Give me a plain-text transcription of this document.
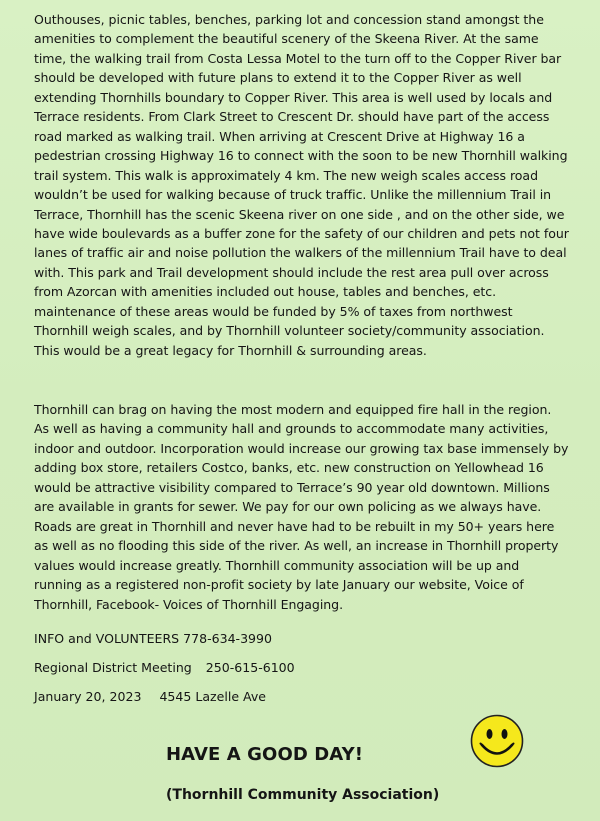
Outhouses, picnic tables, benches, parking lot and concession stand amongst the amenities to complement the beautiful scenery of the Skeena River. At the same time, the walking trail from Costa Lessa Motel to the turn off to the Copper River bar should be developed with future plans to extend it to the Copper River as well extending Thornhills boundary to Copper River. This area is well used by locals and Terrace residents. From Clark Street to Crescent Dr. should have part of the access road marked as walking trail. When arriving at Crescent Drive at Highway 16 a pedestrian crossing Highway 16 to connect with the soon to be new Thornhill walking trail system. This walk is approximately 4 km. The new weigh scales access road wouldn’t be used for walking because of truck traffic. Unlike the millennium Trail in Terrace, Thornhill has the scenic Skeena river on one side , and on the other side, we have wide boulevards as a buffer zone for the safety of our children and pets not four lanes of traffic air and noise pollution the walkers of the millennium Trail have to deal with. This park and Trail development should include the rest area pull over across from Azorcan with amenities included out house, tables and benches, etc. maintenance of these areas would be funded by 5% of taxes from northwest Thornhill weigh scales, and by Thornhill volunteer society/community association. This would be a great legacy for Thornhill & surrounding areas.

Thornhill can brag on having the most modern and equipped fire hall in the region. As well as having a community hall and grounds to accommodate many activities, indoor and outdoor. Incorporation would increase our growing tax base immensely by adding box store, retailers Costco, banks, etc. new construction on Yellowhead 16 would be attractive visibility compared to Terrace’s 90 year old downtown. Millions are available in grants for sewer. We pay for our own policing as we always have. Roads are great in Thornhill and never have had to be rebuilt in my 50+ years here as well as no flooding this side of the river. As well, an increase in Thornhill property values would increase greatly. Thornhill community association will be up and running as a registered non-profit society by late January our website, Voice of Thornhill, Facebook- Voices of Thornhill Engaging.

INFO and VOLUNTEERS 778-634-3990

Regional District Meeting 250-615-6100

January 20, 2023 4545 Lazelle Ave

HAVE A GOOD DAY!

(Thornhill Community Association)
